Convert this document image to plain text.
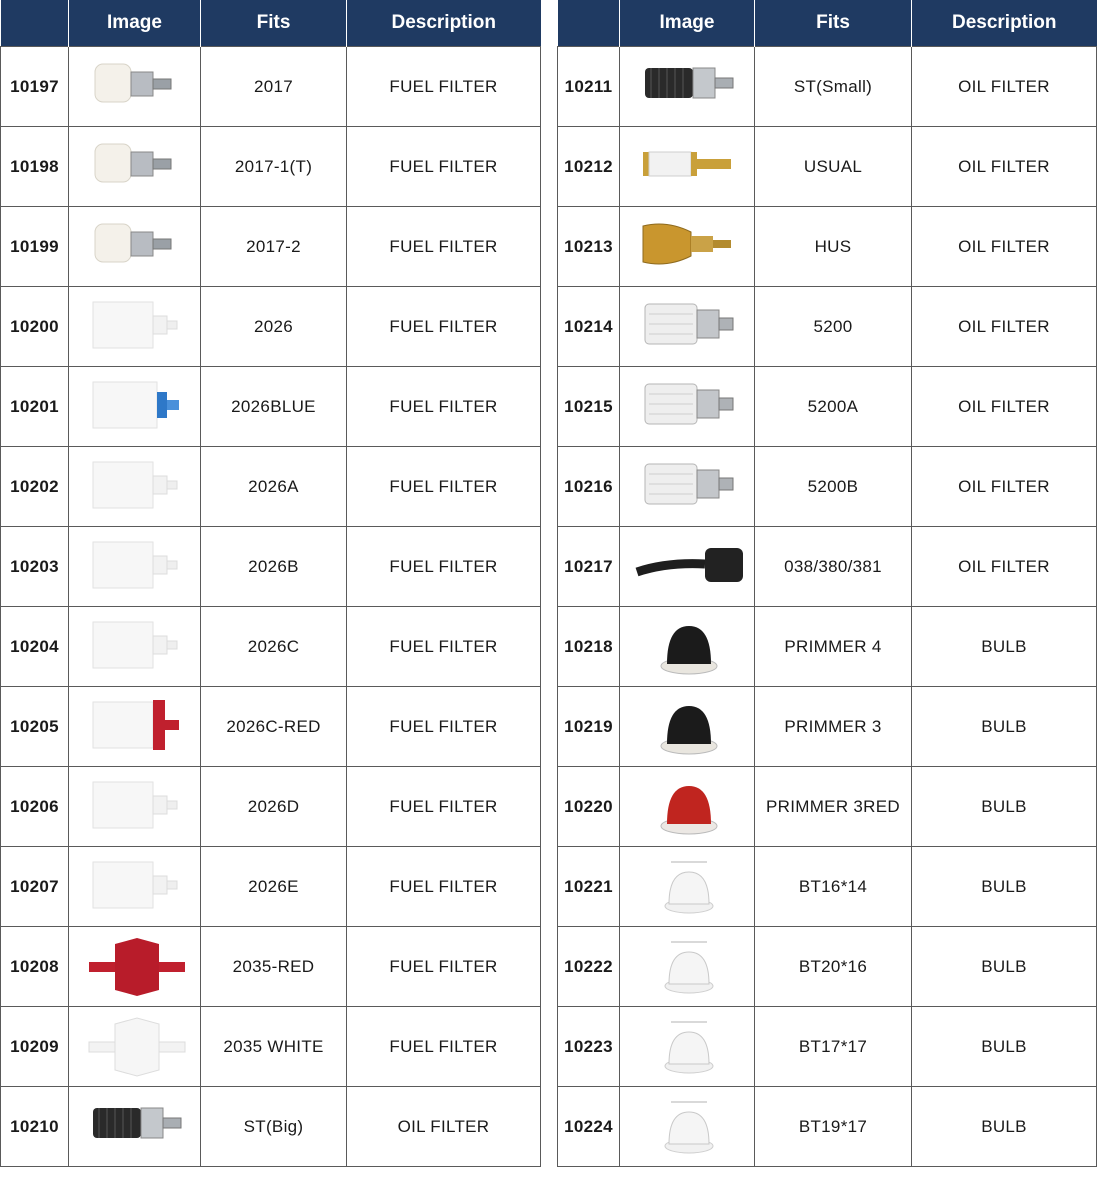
	Image	Fits	Description
10197		2017	FUEL FILTER
10198		2017-1(T)	FUEL FILTER
10199		2017-2	FUEL FILTER
10200		2026	FUEL FILTER
10201		2026BLUE	FUEL FILTER
10202		2026A	FUEL FILTER
10203		2026B	FUEL FILTER
10204		2026C	FUEL FILTER
10205		2026C-RED	FUEL FILTER
10206		2026D	FUEL FILTER
10207		2026E	FUEL FILTER
10208		2035-RED	FUEL FILTER
10209		2035 WHITE	FUEL FILTER
10210		ST(Big)	OIL FILTER
	Image	Fits	Description
10211		ST(Small)	OIL FILTER
10212		USUAL	OIL FILTER
10213		HUS	OIL FILTER
10214		5200	OIL FILTER
10215		5200A	OIL FILTER
10216		5200B	OIL FILTER
10217		038/380/381	OIL FILTER
10218		PRIMMER 4	BULB
10219		PRIMMER 3	BULB
10220		PRIMMER 3RED	BULB
10221		BT16*14	BULB
10222		BT20*16	BULB
10223		BT17*17	BULB
10224		BT19*17	BULB
